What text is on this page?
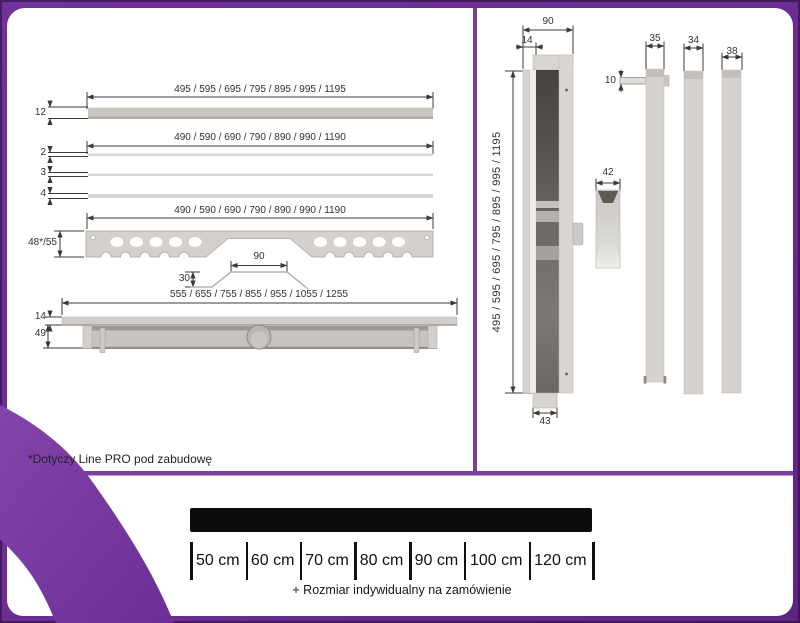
495 / 595 / 695 / 795 / 895 / 995 / 1195
12
490 / 590 / 690 / 790 / 890 / 990 / 1190
2
3
4
490 / 590 / 690 / 790 / 890 / 990 / 1190
48*/55
90
30
555 / 655 / 755 / 855 / 955 / 1055 / 1255
14
49
*Dotyczy Line PRO pod zabudowę
90
14
10
42
35	34
38
43
495 / 595 / 695 / 795 / 895 / 995 / 1195
50 cm 60 cm 70 cm 80 cm 90 cm 100 cm 120 cm
+ Rozmiar indywidualny na zamówienie
